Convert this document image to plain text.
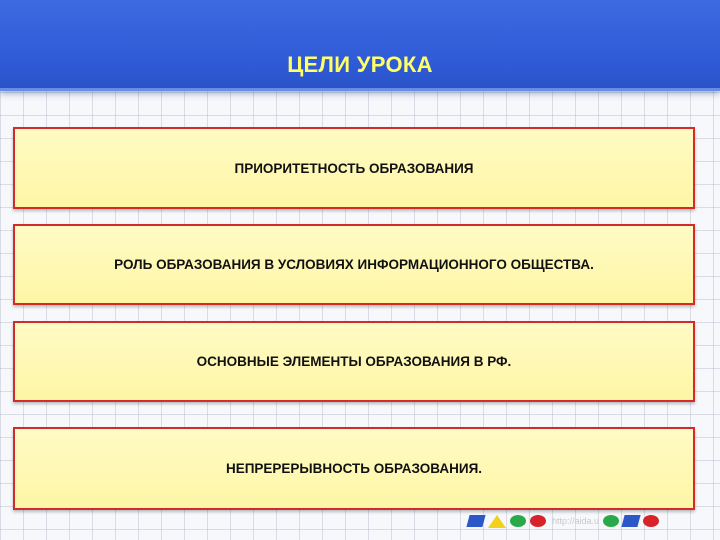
ЦЕЛИ УРОКА
ПРИОРИТЕТНОСТЬ ОБРАЗОВАНИЯ
РОЛЬ ОБРАЗОВАНИЯ В УСЛОВИЯХ ИНФОРМАЦИОННОГО ОБЩЕСТВА.
ОСНОВНЫЕ ЭЛЕМЕНТЫ ОБРАЗОВАНИЯ В РФ.
НЕПРЕРЕРЫВНОСТЬ ОБРАЗОВАНИЯ.
http://aida.u
